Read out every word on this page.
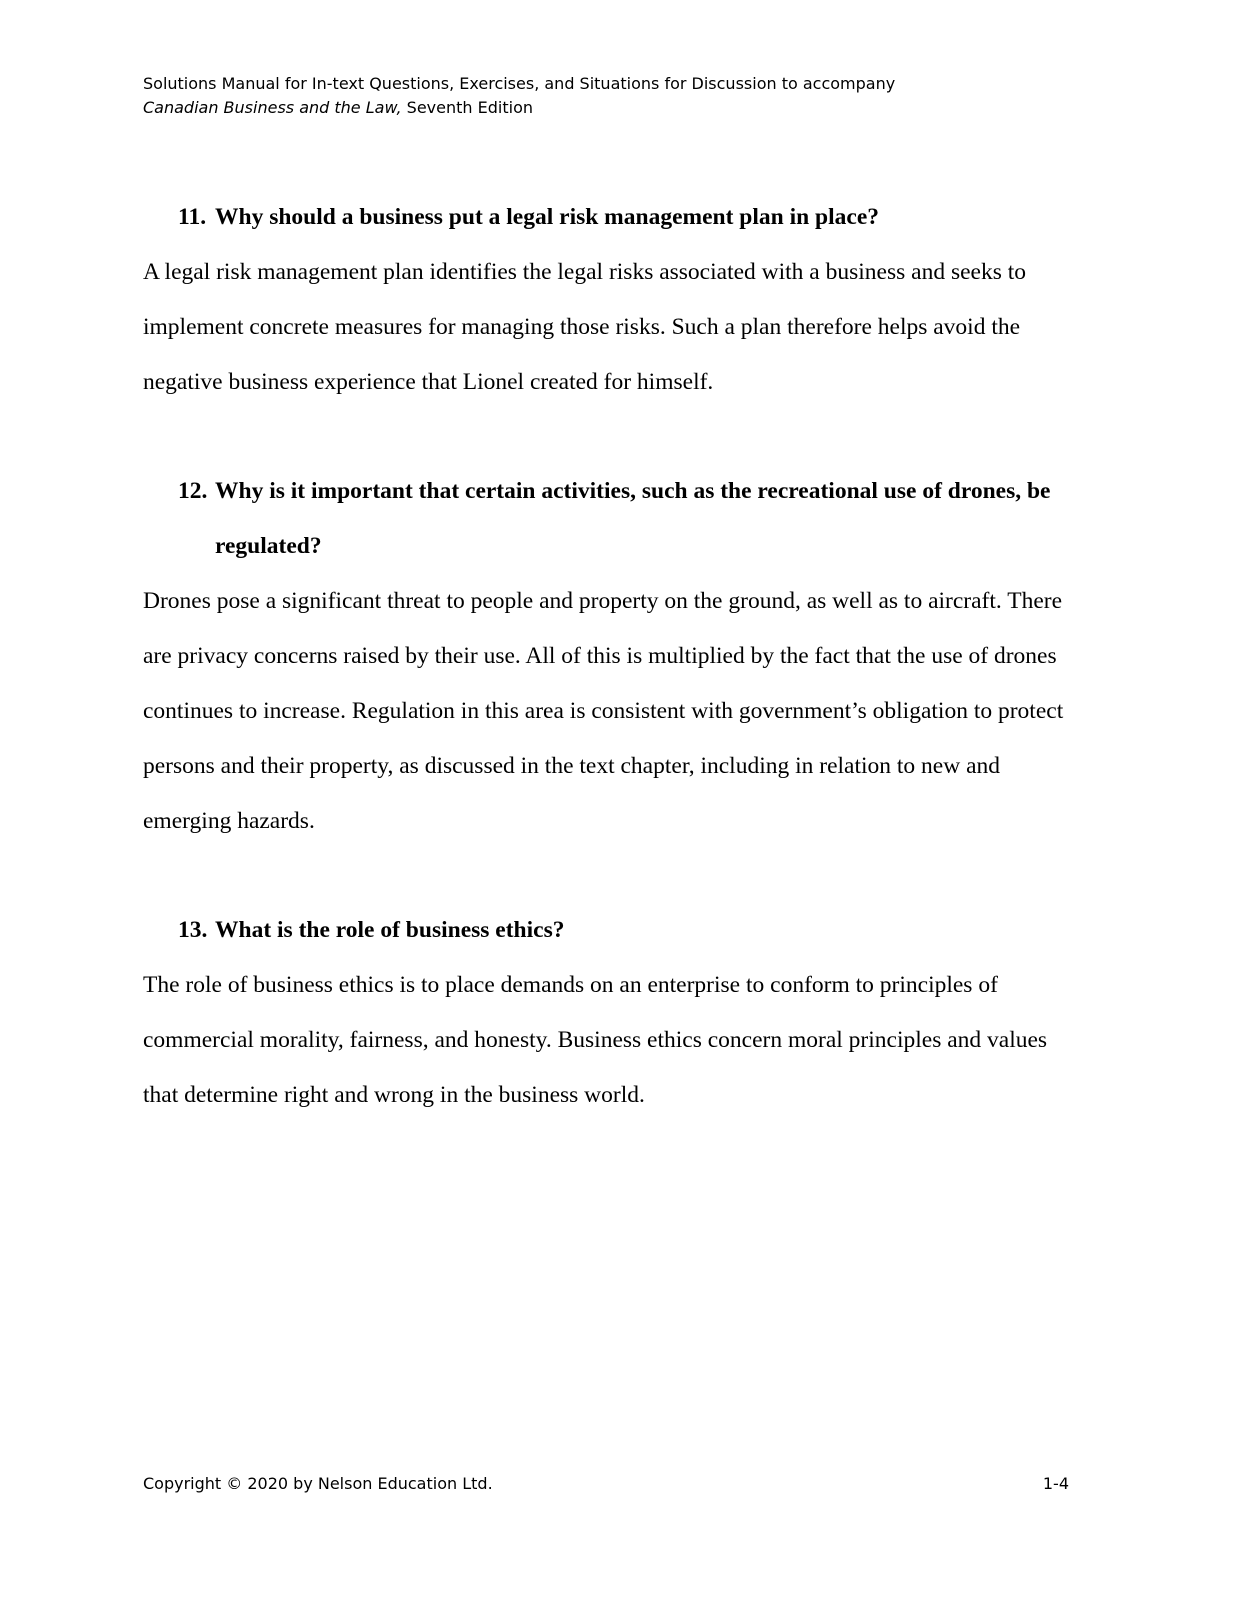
Solutions Manual for In-text Questions, Exercises, and Situations for Discussion to accompany
Canadian Business and the Law, Seventh Edition
11. Why should a business put a legal risk management plan in place?

A legal risk management plan identifies the legal risks associated with a business and seeks to implement concrete measures for managing those risks. Such a plan therefore helps avoid the negative business experience that Lionel created for himself.

12. Why is it important that certain activities, such as the recreational use of drones, be regulated?

Drones pose a significant threat to people and property on the ground, as well as to aircraft. There are privacy concerns raised by their use. All of this is multiplied by the fact that the use of drones continues to increase. Regulation in this area is consistent with government’s obligation to protect persons and their property, as discussed in the text chapter, including in relation to new and emerging hazards.

13. What is the role of business ethics?

The role of business ethics is to place demands on an enterprise to conform to principles of commercial morality, fairness, and honesty. Business ethics concern moral principles and values that determine right and wrong in the business world.

Copyright © 2020 by Nelson Education Ltd.	1-4
